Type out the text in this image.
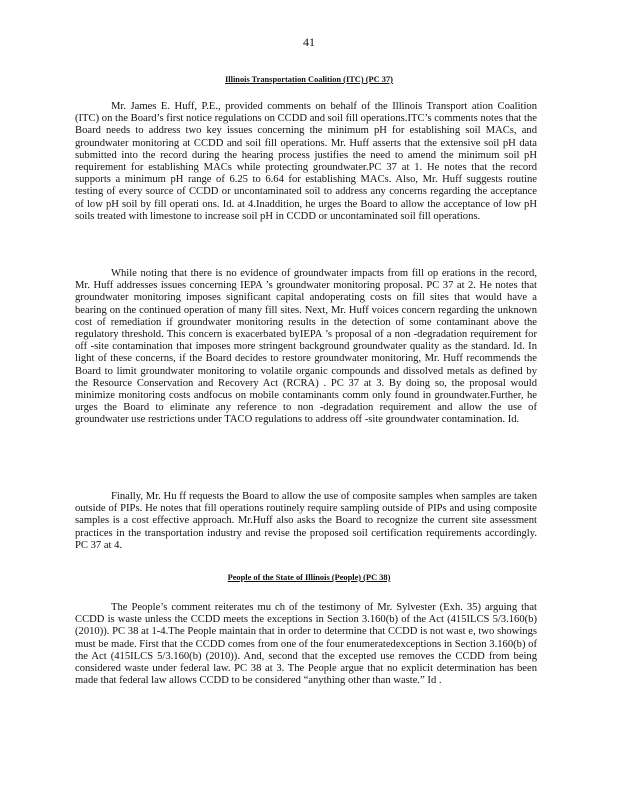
41
Illinois Transportation Coalition (ITC) (PC 37)

Mr. James E. Huff, P.E., provided comments on behalf of the Illinois Transport ation Coalition (ITC) on the Board’s first notice regulations on CCDD and soil fill operations.ITC’s comments notes that the Board needs to address two key issues concerning the minimum pH for establishing soil MACs, and groundwater monitoring at CCDD and soil fill operations. Mr. Huff asserts that the extensive soil pH data submitted into the record during the hearing process justifies the need to amend the minimum soil pH requirement for establishing MACs while protecting groundwater.PC 37 at 1. He notes that the record supports a minimum pH range of 6.25 to 6.64 for establishing MACs. Also, Mr. Huff suggests routine testing of every source of CCDD or uncontaminated soil to address any concerns regarding the acceptance of low pH soil by fill operati ons. Id. at 4.Inaddition, he urges the Board to allow the acceptance of low pH soils treated with limestone to increase soil pH in CCDD or uncontaminated soil fill operations.

While noting that there is no evidence of groundwater impacts from fill op erations in the record, Mr. Huff addresses issues concerning IEPA ’s groundwater monitoring proposal. PC 37 at 2. He notes that groundwater monitoring imposes significant capital andoperating costs on fill sites that would have a bearing on the continued operation of many fill sites. Next, Mr. Huff voices concern regarding the unknown cost of remediation if groundwater monitoring results in the detection of some contaminant above the regulatory threshold. This concern is exacerbated byIEPA ’s proposal of a non -degradation requirement for off -site contamination that imposes more stringent background groundwater quality as the standard. Id. In light of these concerns, if the Board decides to restore groundwater monitoring, Mr. Huff recommends the Board to limit groundwater monitoring to volatile organic compounds and dissolved metals as defined by the Resource Conservation and Recovery Act (RCRA) . PC 37 at 3. By doing so, the proposal would minimize monitoring costs andfocus on mobile contaminants comm only found in groundwater.Further, he urges the Board to eliminate any reference to non -degradation requirement and allow the use of groundwater use restrictions under TACO regulations to address off -site groundwater contamination. Id.

Finally, Mr. Hu ff requests the Board to allow the use of composite samples when samples are taken outside of PIPs. He notes that fill operations routinely require sampling outside of PIPs and using composite samples is a cost effective approach. Mr.Huff also asks the Board to recognize the current site assessment practices in the transportation industry and revise the proposed soil certification requirements accordingly. PC 37 at 4.

People of the State of Illinois (People) (PC 38)

The People’s comment reiterates mu ch of the testimony of Mr. Sylvester (Exh. 35) arguing that CCDD is waste unless the CCDD meets the exceptions in Section 3.160(b) of the Act (415ILCS 5/3.160(b) (2010)). PC 38 at 1-4.The People maintain that in order to determine that CCDD is not wast e, two showings must be made. First that the CCDD comes from one of the four enumeratedexceptions in Section 3.160(b) of the Act (415ILCS 5/3.160(b) (2010)). And, second that the excepted use removes the CCDD from being considered waste under federal law. PC 38 at 3. The People argue that no explicit determination has been made that federal law allows CCDD to be considered “anything other than waste.” Id .
